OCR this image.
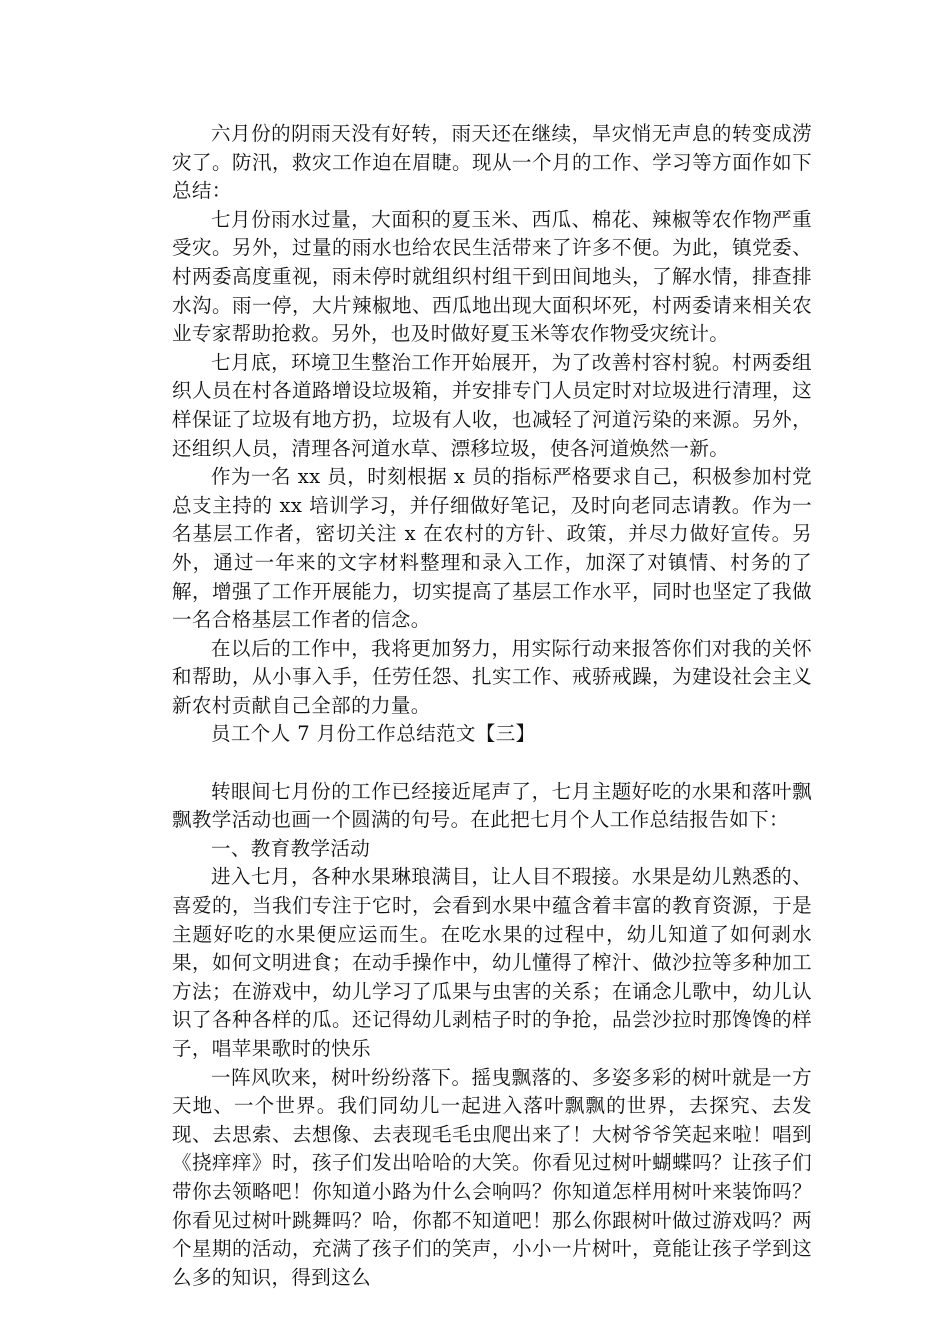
六月份的阴雨天没有好转，雨天还在继续，旱灾悄无声息的转变成涝灾了。防汛，救灾工作迫在眉睫。现从一个月的工作、学习等方面作如下总结：

七月份雨水过量，大面积的夏玉米、西瓜、棉花、辣椒等农作物严重受灾。另外，过量的雨水也给农民生活带来了许多不便。为此，镇党委、村两委高度重视，雨未停时就组织村组干到田间地头，了解水情，排查排水沟。雨一停，大片辣椒地、西瓜地出现大面积坏死，村两委请来相关农业专家帮助抢救。另外，也及时做好夏玉米等农作物受灾统计。

七月底，环境卫生整治工作开始展开，为了改善村容村貌。村两委组织人员在村各道路增设垃圾箱，并安排专门人员定时对垃圾进行清理，这样保证了垃圾有地方扔，垃圾有人收，也减轻了河道污染的来源。另外，还组织人员，清理各河道水草、漂移垃圾，使各河道焕然一新。

作为一名 xx 员，时刻根据 x 员的指标严格要求自己，积极参加村党总支主持的 xx 培训学习，并仔细做好笔记，及时向老同志请教。作为一名基层工作者，密切关注 x 在农村的方针、政策，并尽力做好宣传。另外，通过一年来的文字材料整理和录入工作，加深了对镇情、村务的了解，增强了工作开展能力，切实提高了基层工作水平，同时也坚定了我做一名合格基层工作者的信念。

在以后的工作中，我将更加努力，用实际行动来报答你们对我的关怀和帮助，从小事入手，任劳任怨、扎实工作、戒骄戒躁，为建设社会主义新农村贡献自己全部的力量。

员工个人 7 月份工作总结范文【三】

转眼间七月份的工作已经接近尾声了，七月主题好吃的水果和落叶飘飘教学活动也画一个圆满的句号。在此把七月个人工作总结报告如下：

一、教育教学活动

进入七月，各种水果琳琅满目，让人目不瑕接。水果是幼儿熟悉的、喜爱的，当我们专注于它时，会看到水果中蕴含着丰富的教育资源，于是主题好吃的水果便应运而生。在吃水果的过程中，幼儿知道了如何剥水果，如何文明进食；在动手操作中，幼儿懂得了榨汁、做沙拉等多种加工方法；在游戏中，幼儿学习了瓜果与虫害的关系；在诵念儿歌中，幼儿认识了各种各样的瓜。还记得幼儿剥桔子时的争抢，品尝沙拉时那馋馋的样子，唱苹果歌时的快乐

一阵风吹来，树叶纷纷落下。摇曳飘落的、多姿多彩的树叶就是一方天地、一个世界。我们同幼儿一起进入落叶飘飘的世界，去探究、去发现、去思索、去想像、去表现毛毛虫爬出来了！大树爷爷笑起来啦！唱到《挠痒痒》时，孩子们发出哈哈的大笑。你看见过树叶蝴蝶吗？让孩子们带你去领略吧！你知道小路为什么会响吗？你知道怎样用树叶来装饰吗？你看见过树叶跳舞吗？哈，你都不知道吧！那么你跟树叶做过游戏吗？两个星期的活动，充满了孩子们的笑声，小小一片树叶，竟能让孩子学到这么多的知识，得到这么
